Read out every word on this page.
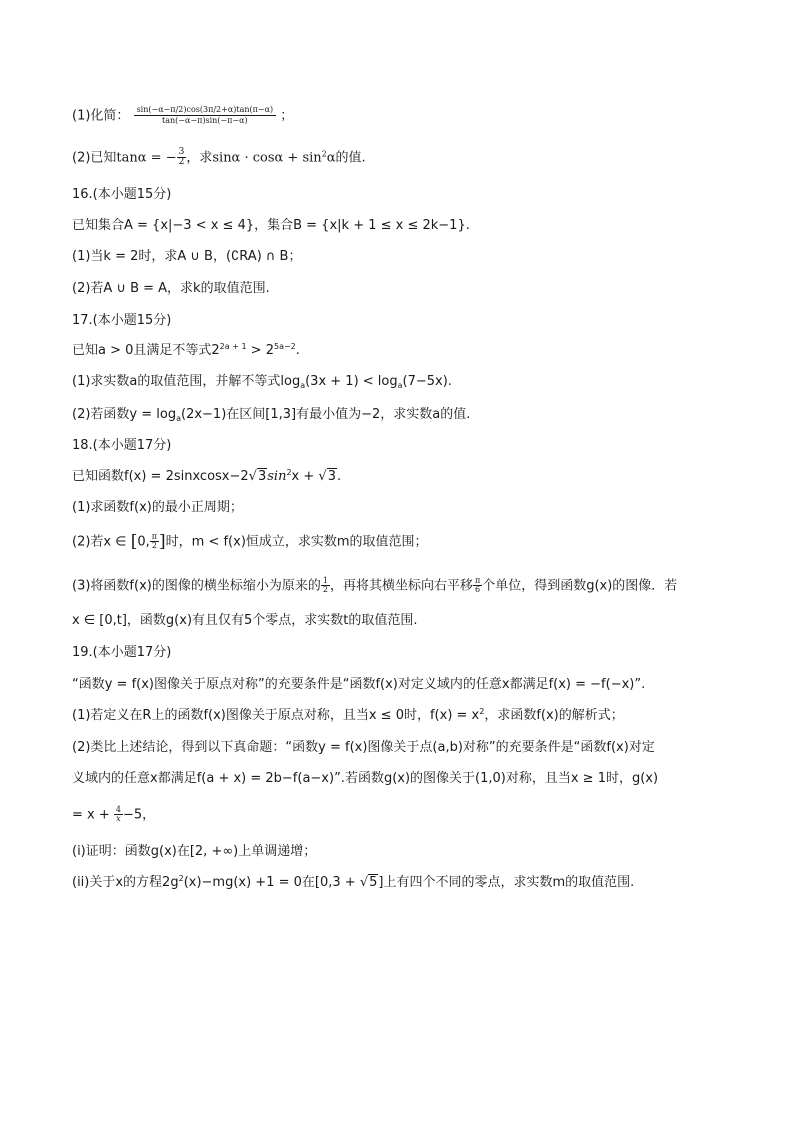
(1)化简： $\frac{\sin(-\alpha-\pi/2)\cos(3\pi/2+\alpha)\tan(\pi-\alpha)}{\tan(-\alpha-\pi)\sin(-\pi-\alpha)}$ ；
(2)已知tanα = − $\frac{3}{2}$ ，求$\sin\alpha \cdot \cos\alpha + \sin^2\alpha$的值.
16.(本小题15分)
已知集合A = {x|−3 < x ≤ 4}，集合B = {x|k + 1 ≤ x ≤ 2k−1}.
(1)当k = 2时，求A ∪ B，(∁RA) ∩ B；
(2)若A ∪ B = A，求k的取值范围.
17.(本小题15分)
已知a > 0且满足不等式$2^{2a + 1} > 2^{5a-2}$.
(1)求实数a的取值范围，并解不等式$\log_a(3x + 1) < \log_a(7-5x)$.
(2)若函数$y = \log_a(2x-1)$在区间[1,3]有最小值为−2，求实数a的值.
18.(本小题17分)
已知函数$f(x) = 2sinxcosx-2√3\sin^2x + √3$.
(1)求函数f(x)的最小正周期；
(2)若x ∈ [0, $\frac{\pi}{2}$ ]时，m < f(x)恒成立，求实数m的取值范围；
(3)将函数f(x)的图像的横坐标缩小为原来的 $\frac{1}{2}$ ，再将其横坐标向右平移 $\frac{\pi}{6}$ 个单位，得到函数g(x)的图像．若
x ∈ [0,t]，函数g(x)有且仅有5个零点，求实数t的取值范围.
19.(本小题17分)
“函数y = f(x)图像关于原点对称”的充要条件是“函数f(x)对定义域内的任意x都满足f(x) = −f(−x)”.
(1)若定义在R上的函数f(x)图像关于原点对称，且当x ≤ 0时，$f(x) = x^2$，求函数f(x)的解析式；
(2)类比上述结论，得到以下真命题：“函数y = f(x)图像关于点(a,b)对称”的充要条件是“函数f(x)对定
义域内的任意x都满足f(a + x) = 2b−f(a−x)”.若函数g(x)的图像关于(1,0)对称，且当x ≥ 1时，g(x)
= $x + \frac{4}{x} -5$，
(i)证明：函数g(x)在[2, +∞)上单调递增；
(ii)关于x的方程$2g^2(x)-mg(x) +1 = 0$在[0,3 + √5]上有四个不同的零点，求实数m的取值范围.
